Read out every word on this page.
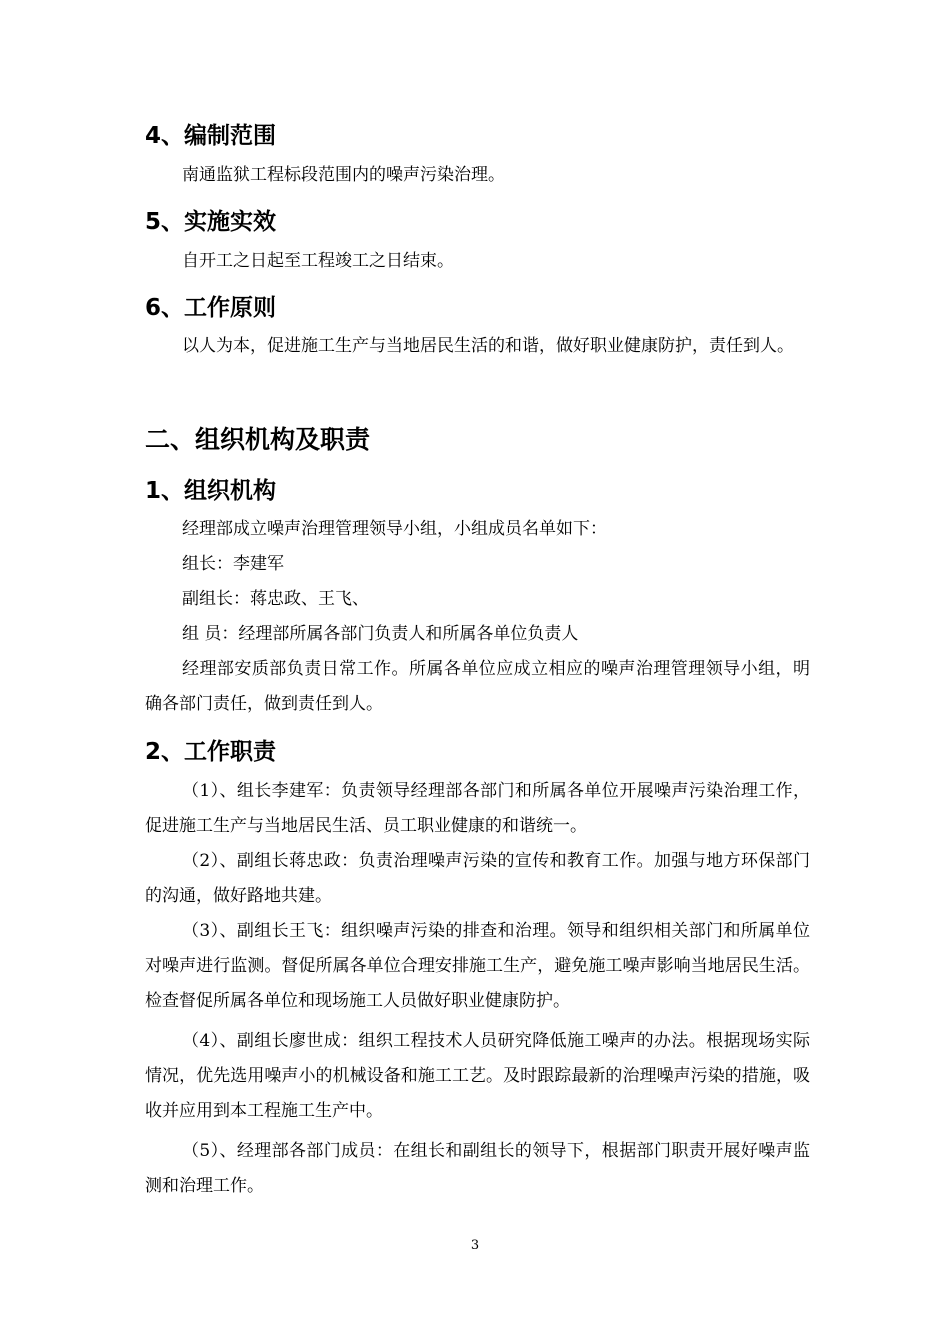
4、编制范围
南通监狱工程标段范围内的噪声污染治理。
5、实施实效
自开工之日起至工程竣工之日结束。
6、工作原则
以人为本，促进施工生产与当地居民生活的和谐，做好职业健康防护，责任到人。
二、组织机构及职责
1、组织机构
经理部成立噪声治理管理领导小组，小组成员名单如下：
组长：李建军
副组长：蒋忠政、王飞、
组 员：经理部所属各部门负责人和所属各单位负责人
经理部安质部负责日常工作。所属各单位应成立相应的噪声治理管理领导小组，明确各部门责任，做到责任到人。
2、工作职责
（1）、组长李建军：负责领导经理部各部门和所属各单位开展噪声污染治理工作，促进施工生产与当地居民生活、员工职业健康的和谐统一。
（2）、副组长蒋忠政：负责治理噪声污染的宣传和教育工作。加强与地方环保部门的沟通，做好路地共建。
（3）、副组长王飞：组织噪声污染的排查和治理。领导和组织相关部门和所属单位对噪声进行监测。督促所属各单位合理安排施工生产，避免施工噪声影响当地居民生活。检查督促所属各单位和现场施工人员做好职业健康防护。
（4）、副组长廖世成：组织工程技术人员研究降低施工噪声的办法。根据现场实际情况，优先选用噪声小的机械设备和施工工艺。及时跟踪最新的治理噪声污染的措施，吸收并应用到本工程施工生产中。
（5）、经理部各部门成员：在组长和副组长的领导下，根据部门职责开展好噪声监测和治理工作。
3
